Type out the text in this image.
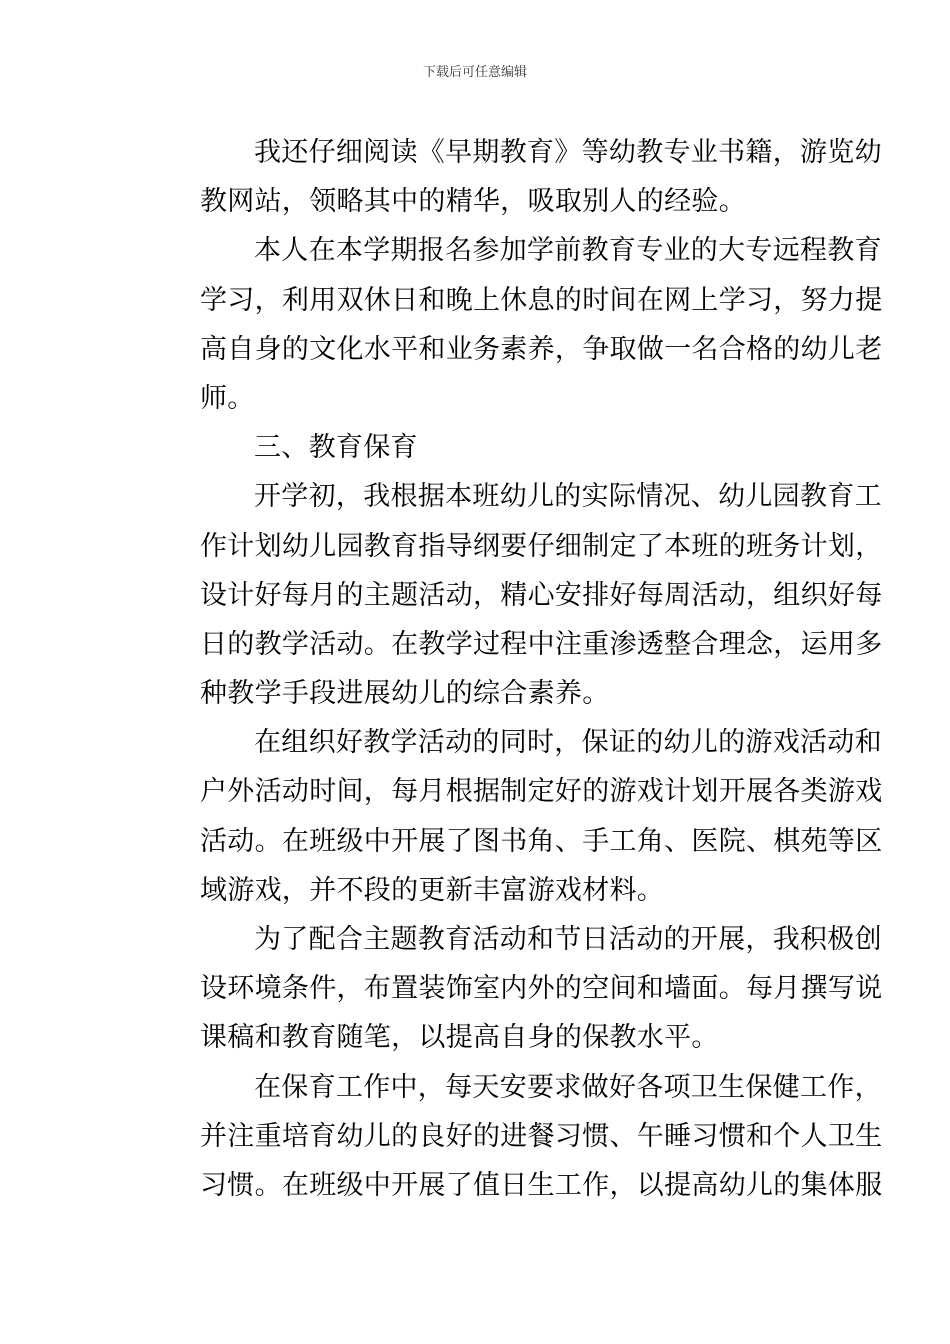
下载后可任意编辑
我还仔细阅读《早期教育》等幼教专业书籍，游览幼
教网站，领略其中的精华，吸取别人的经验。
本人在本学期报名参加学前教育专业的大专远程教育
学习，利用双休日和晚上休息的时间在网上学习，努力提
高自身的文化水平和业务素养，争取做一名合格的幼儿老
师。
三、教育保育
开学初，我根据本班幼儿的实际情况、幼儿园教育工
作计划幼儿园教育指导纲要仔细制定了本班的班务计划，
设计好每月的主题活动，精心安排好每周活动，组织好每
日的教学活动。在教学过程中注重渗透整合理念，运用多
种教学手段进展幼儿的综合素养。
在组织好教学活动的同时，保证的幼儿的游戏活动和
户外活动时间，每月根据制定好的游戏计划开展各类游戏
活动。在班级中开展了图书角、手工角、医院、棋苑等区
域游戏，并不段的更新丰富游戏材料。
为了配合主题教育活动和节日活动的开展，我积极创
设环境条件，布置装饰室内外的空间和墙面。每月撰写说
课稿和教育随笔，以提高自身的保教水平。
在保育工作中，每天安要求做好各项卫生保健工作，
并注重培育幼儿的良好的进餐习惯、午睡习惯和个人卫生
习惯。在班级中开展了值日生工作，以提高幼儿的集体服
